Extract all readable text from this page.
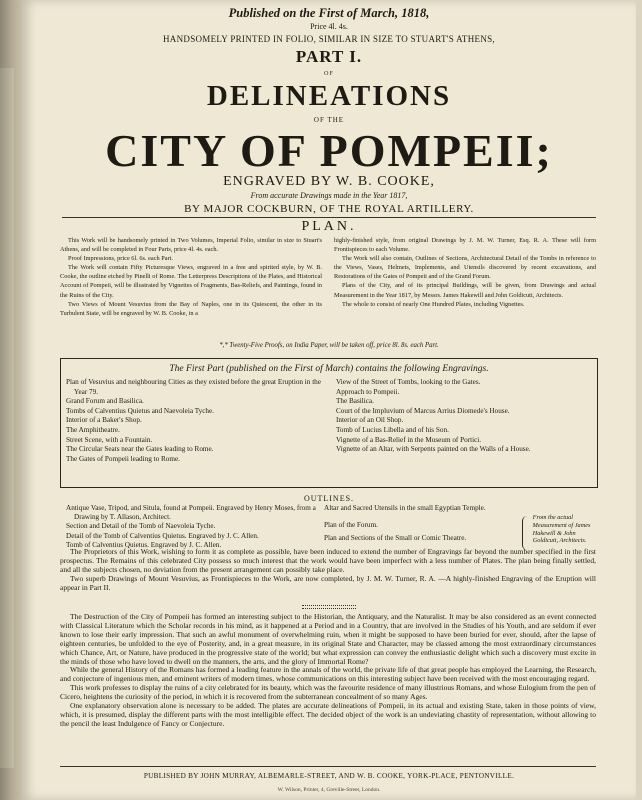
Published on the First of March, 1818,
Price 4l. 4s.
HANDSOMELY PRINTED IN FOLIO, SIMILAR IN SIZE TO STUART'S ATHENS,
PART I.
OF
DELINEATIONS
OF THE
CITY OF POMPEII;
ENGRAVED BY W. B. COOKE,
From accurate Drawings made in the Year 1817,
BY MAJOR COCKBURN, OF THE ROYAL ARTILLERY.
PLAN.

This Work will be handsomely printed in Two Volumes, Imperial Folio, similar in size to Stuart's Athens, and will be completed in Four Parts, price 4l. 4s. each.

Proof Impressions, price 6l. 6s. each Part.

The Work will contain Fifty Picturesque Views, engraved in a free and spirited style, by W. B. Cooke, the outline etched by Pinelli of Rome. The Letterpress Descriptions of the Plates, and Historical Account of Pompeii, will be illustrated by Vignettes of Fragments, Bas-Reliefs, and Paintings, found in the Ruins of the City.

Two Views of Mount Vesuvius from the Bay of Naples, one in its Quiescent, the other in its Turbulent State, will be engraved by W. B. Cooke, in a

highly-finished style, from original Drawings by J. M. W. Turner, Esq. R. A. These will form Frontispieces to each Volume.

The Work will also contain, Outlines of Sections, Architectural Detail of the Tombs in reference to the Views, Vases, Helmets, Implements, and Utensils discovered by recent excavations, and Restorations of the Gates of Pompeii and of the Grand Forum.

Plans of the City, and of its principal Buildings, will be given, from Drawings and actual Measurement in the Year 1817, by Messrs. James Hakewill and John Goldicutt, Architects.

The whole to consist of nearly One Hundred Plates, including Vignettes.

*,* Twenty-Five Proofs, on India Paper, will be taken off, price 8l. 8s. each Part.
The First Part (published on the First of March) contains the following Engravings.
Plan of Vesuvius and neighbouring Cities as they existed before the great Eruption in the Year 79.
Grand Forum and Basilica.
Tombs of Calventius Quietus and Naevoleia Tyche.
Interior of a Baker's Shop.
The Amphitheatre.
Street Scene, with a Fountain.
The Circular Seats near the Gates leading to Rome.
The Gates of Pompeii leading to Rome.
View of the Street of Tombs, looking to the Gates.
Approach to Pompeii.
The Basilica.
Court of the Impluvium of Marcus Arrius Diomede's House.
Interior of an Oil Shop.
Tomb of Lucius Libella and of his Son.
Vignette of a Bas-Relief in the Museum of Portici.
Vignette of an Altar, with Serpents painted on the Walls of a House.
OUTLINES.
Antique Vase, Tripod, and Situla, found at Pompeii. Engraved by Henry Moses, from a Drawing by T. Allason, Architect.
Section and Detail of the Tomb of Naevoleia Tyche.
Detail of the Tomb of Calventius Quietus. Engraved by J. C. Allen.
Tomb of Calventius Quietus. Engraved by J. C. Allen.
Altar and Sacred Utensils in the small Egyptian Temple.
Plan of the Forum.
Plan and Sections of the Small or Comic Theatre.
From the actual Measurement of James Hakewill & John Goldicutt, Architects.

The Proprietors of this Work, wishing to form it as complete as possible, have been induced to extend the number of Engravings far beyond the number specified in the first prospectus. The Remains of this celebrated City possess so much interest that the work would have been imperfect with a less number of Plates. The plan being finally settled, and all the subjects chosen, no deviation from the present arrangement can possibly take place.

Two superb Drawings of Mount Vesuvius, as Frontispieces to the Work, are now completed, by J. M. W. Turner, R. A. —A highly-finished Engraving of the Eruption will appear in Part II.

The Destruction of the City of Pompeii has formed an interesting subject to the Historian, the Antiquary, and the Naturalist. It may be also considered as an event connected with Classical Literature which the Scholar records in his mind, as it happened at a Period and in a Country, that are involved in the Studies of his Youth, and are seldom if ever known to lose their early impression. That such an awful monument of overwhelming ruin, when it might be supposed to have been buried for ever, should, after the lapse of eighteen centuries, be unfolded to the eye of Posterity, and, in a great measure, in its original State and Character, may be classed among the most extraordinary circumstances which Chance, Art, or Nature, have produced in the progressive state of the world; but what expression can convey the enthusiastic delight which such a discovery must excite in the minds of those who have loved to dwell on the manners, the arts, and the glory of Immortal Rome?

While the general History of the Romans has formed a leading feature in the annals of the world, the private life of that great people has employed the Learning, the Research, and conjecture of ingenious men, and eminent writers of modern times, whose communications on this interesting subject have been received with the most encouraging regard.

This work professes to display the ruins of a city celebrated for its beauty, which was the favourite residence of many illustrious Romans, and whose Eulogium from the pen of Cicero, heightens the curiosity of the period, in which it is recovered from the subterranean concealment of so many Ages.

One explanatory observation alone is necessary to be added. The plates are accurate delineations of Pompeii, in its actual and existing State, taken in those points of view, which, it is presumed, display the different parts with the most intelligible effect. The decided object of the work is an undeviating chastity of representation, without allowing to the pencil the least Indulgence of Fancy or Conjecture.

PUBLISHED BY JOHN MURRAY, ALBEMARLE-STREET, AND W. B. COOKE, YORK-PLACE, PENTONVILLE.
W. Wilson, Printer, 4, Greville-Street, London.
